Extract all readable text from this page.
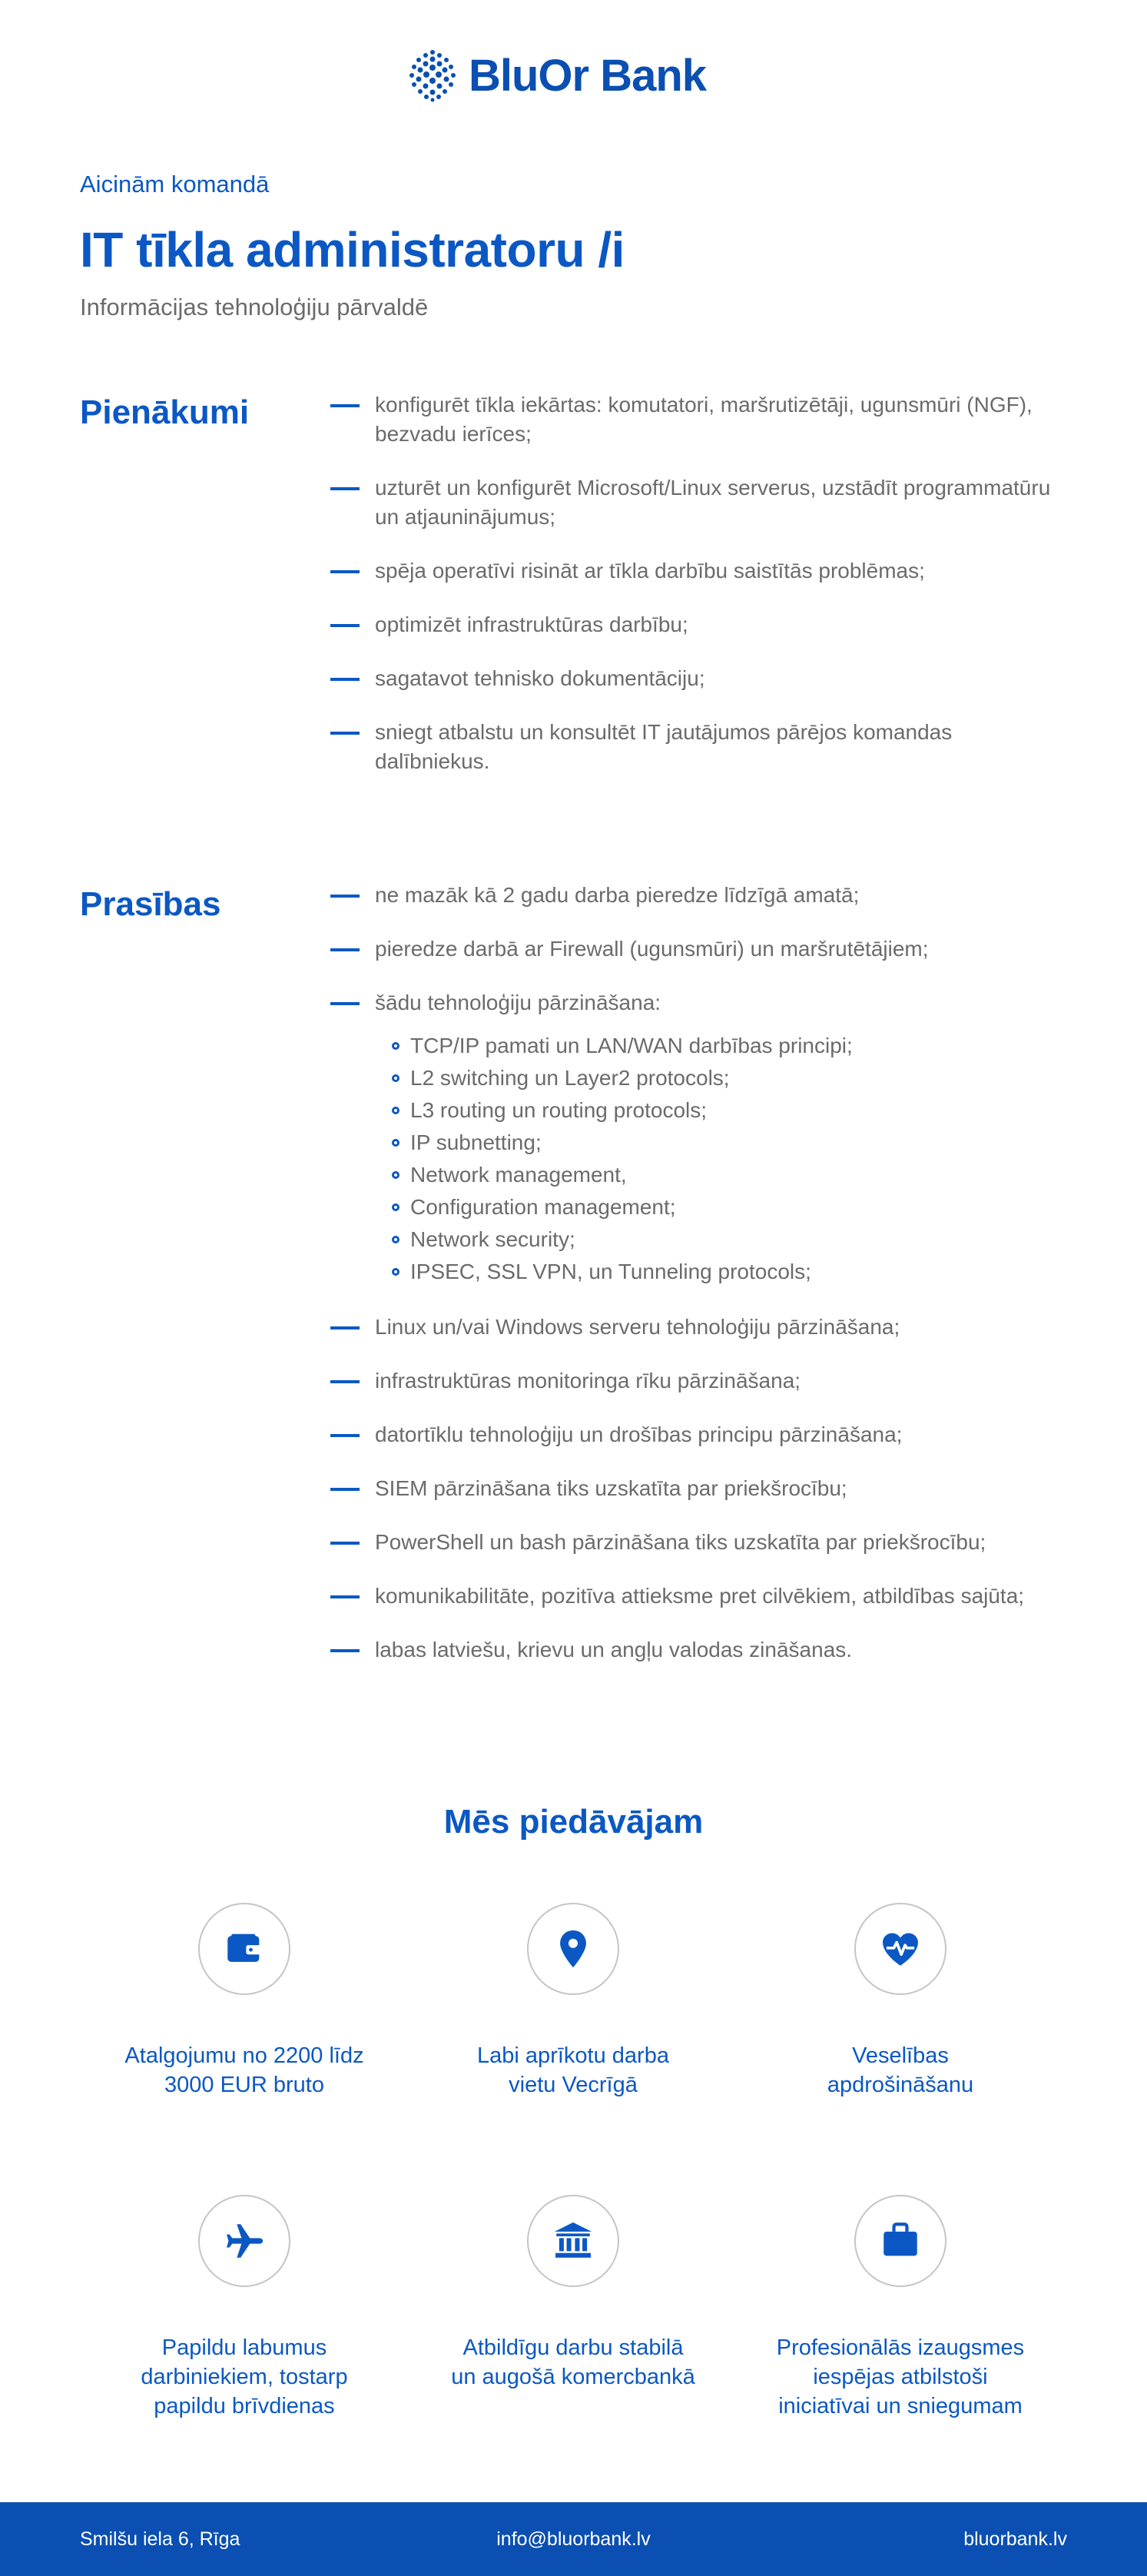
BluOr Bank
Aicinām komandā
IT tīkla administratoru /i
Informācijas tehnoloģiju pārvaldē
Pienākumi	konfigurēt tīkla iekārtas: komutatori, maršrutizētāji, ugunsmūri (NGF), bezvadu ierīces;
uzturēt un konfigurēt Microsoft/Linux serverus, uzstādīt programmatūru un atjauninājumus;
spēja operatīvi risināt ar tīkla darbību saistītās problēmas;
optimizēt infrastruktūras darbību;
sagatavot tehnisko dokumentāciju;
sniegt atbalstu un konsultēt IT jautājumos pārējos komandas dalībniekus.
Prasības	ne mazāk kā 2 gadu darba pieredze līdzīgā amatā;
pieredze darbā ar Firewall (ugunsmūri) un maršrutētājiem;
šādu tehnoloģiju pārzināšana:
TCP/IP pamati un LAN/WAN darbības principi;
L2 switching un Layer2 protocols;
L3 routing un routing protocols;
IP subnetting;
Network management,
Configuration management;
Network security;
IPSEC, SSL VPN, un Tunneling protocols;
Linux un/vai Windows serveru tehnoloģiju pārzināšana;
infrastruktūras monitoringa rīku pārzināšana;
datortīklu tehnoloģiju un drošības principu pārzināšana;
SIEM pārzināšana tiks uzskatīta par priekšrocību;
PowerShell un bash pārzināšana tiks uzskatīta par priekšrocību;
komunikabilitāte, pozitīva attieksme pret cilvēkiem, atbildības sajūta;
labas latviešu, krievu un angļu valodas zināšanas.
Mēs piedāvājam
Atalgojumu no 2200 līdz
3000 EUR bruto
Labi aprīkotu darba
vietu Vecrīgā
Veselības
apdrošināšanu
Papildu labumus
darbiniekiem, tostarp
papildu brīvdienas
Atbildīgu darbu stabilā
un augošā komercbankā
Profesionālās izaugsmes
iespējas atbilstoši
iniciatīvai un sniegumam
Smilšu iela 6, Rīga	info@bluorbank.lv	bluorbank.lv
